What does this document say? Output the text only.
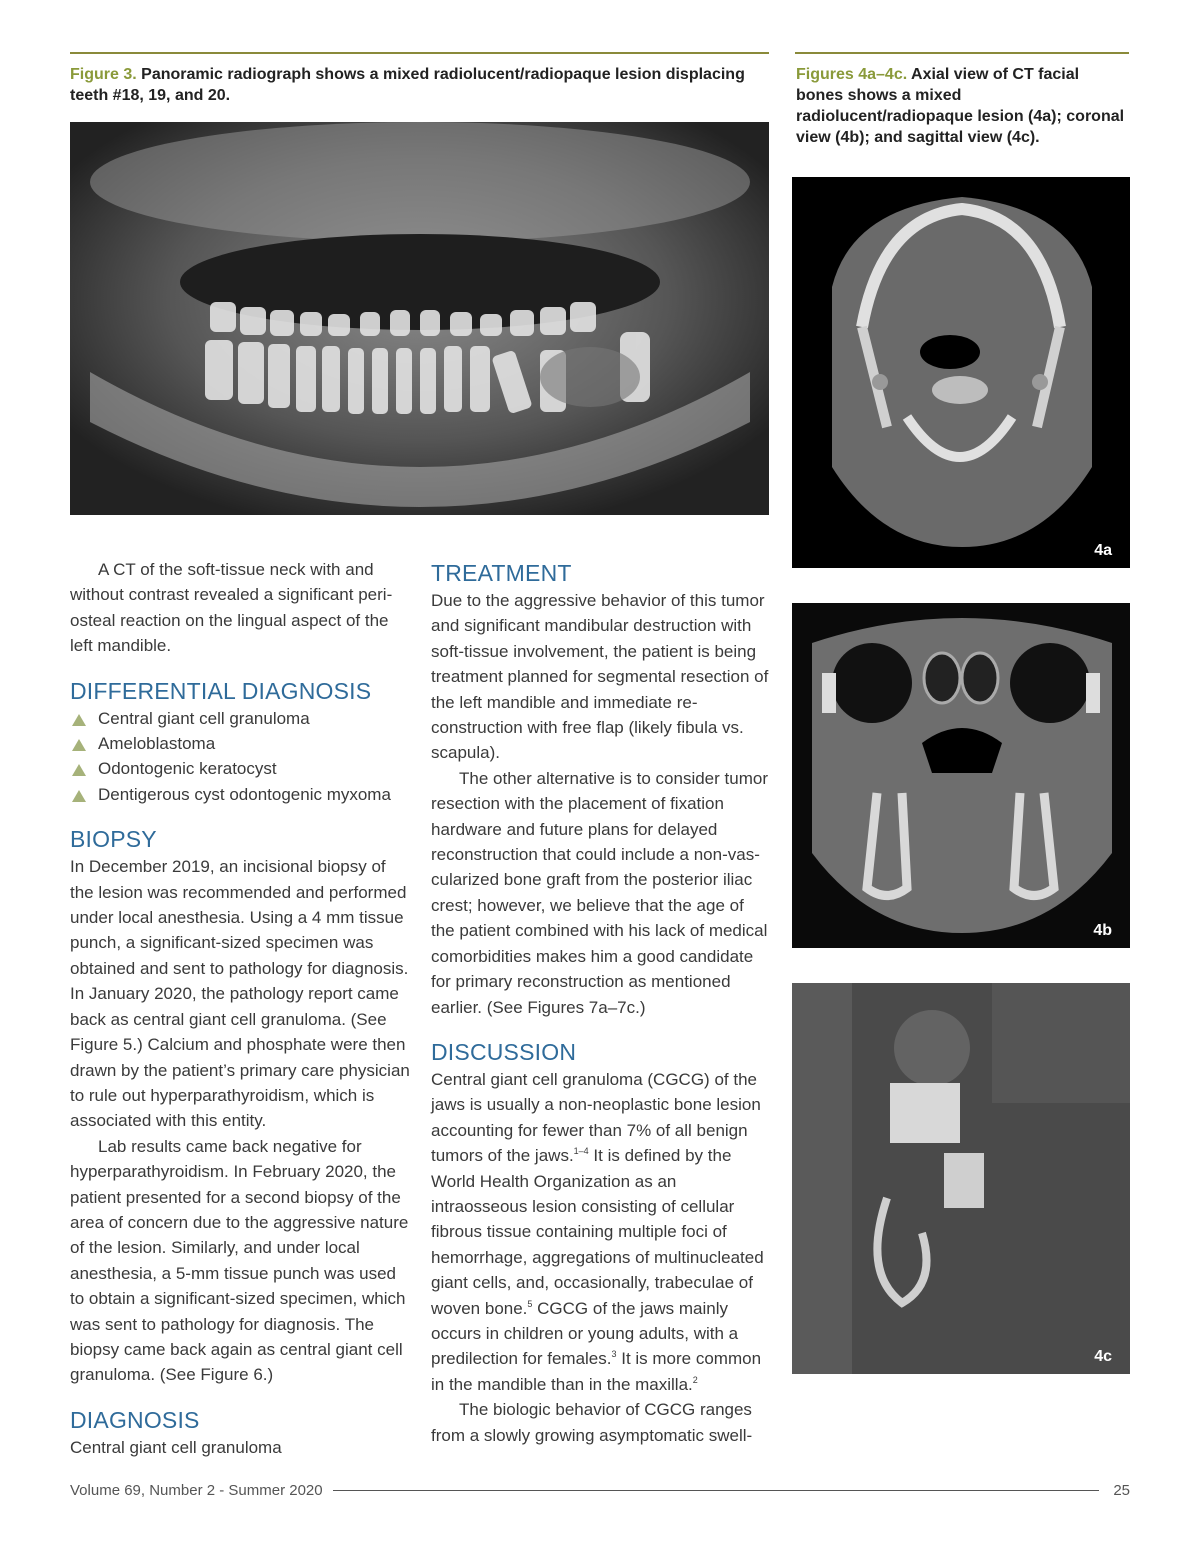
Figure 3. Panoramic radiograph shows a mixed radiolucent/radiopaque lesion displacing teeth #18, 19, and 20.
Figures 4a–4c. Axial view of CT facial bones shows a mixed radiolucent/radiopaque lesion (4a); coronal view (4b); and sagittal view (4c).
4a
4b
4c

A CT of the soft-tissue neck with and without contrast revealed a significant periosteal reaction on the lingual aspect of the left mandible.

DIFFERENTIAL DIAGNOSIS
Central giant cell granuloma
Ameloblastoma
Odontogenic keratocyst
Dentigerous cyst odontogenic myxoma
BIOPSY

In December 2019, an incisional biopsy of the lesion was recommended and performed under local anesthesia. Using a 4 mm tissue punch, a significant-sized specimen was obtained and sent to pathology for diagnosis. In January 2020, the pathology report came back as central giant cell granuloma. (See Figure 5.) Calcium and phosphate were then drawn by the patient’s primary care physician to rule out hyperparathyroidism, which is associated with this entity.

Lab results came back negative for hyperparathyroidism. In February 2020, the patient presented for a second biopsy of the area of concern due to the aggressive nature of the lesion. Similarly, and under local anesthesia, a 5-mm tissue punch was used to obtain a significant-sized specimen, which was sent to pathology for diagnosis. The biopsy came back again as central giant cell granuloma. (See Figure 6.)

DIAGNOSIS

Central giant cell granuloma

TREATMENT

Due to the aggressive behavior of this tumor and significant mandibular destruction with soft-tissue involvement, the patient is being treatment planned for segmental resection of the left mandible and immediate reconstruction with free flap (likely fibula vs. scapula).

The other alternative is to consider tumor resection with the placement of fixation hardware and future plans for delayed reconstruction that could include a non-vascularized bone graft from the posterior iliac crest; however, we believe that the age of the patient combined with his lack of medical comorbidities makes him a good candidate for primary reconstruction as mentioned earlier. (See Figures 7a–7c.)

DISCUSSION

Central giant cell granuloma (CGCG) of the jaws is usually a non-neoplastic bone lesion accounting for fewer than 7% of all benign tumors of the jaws.$^{1-4}$ It is defined by the World Health Organization as an intraosseous lesion consisting of cellular fibrous tissue containing multiple foci of hemorrhage, aggregations of multinucleated giant cells, and, occasionally, trabeculae of woven bone.$^5$ CGCG of the jaws mainly occurs in children or young adults, with a predilection for females.$^3$ It is more common in the mandible than in the maxilla.$^2$

The biologic behavior of CGCG ranges from a slowly growing asymptomatic swell-

Volume 69, Number 2 - Summer 2020	25
